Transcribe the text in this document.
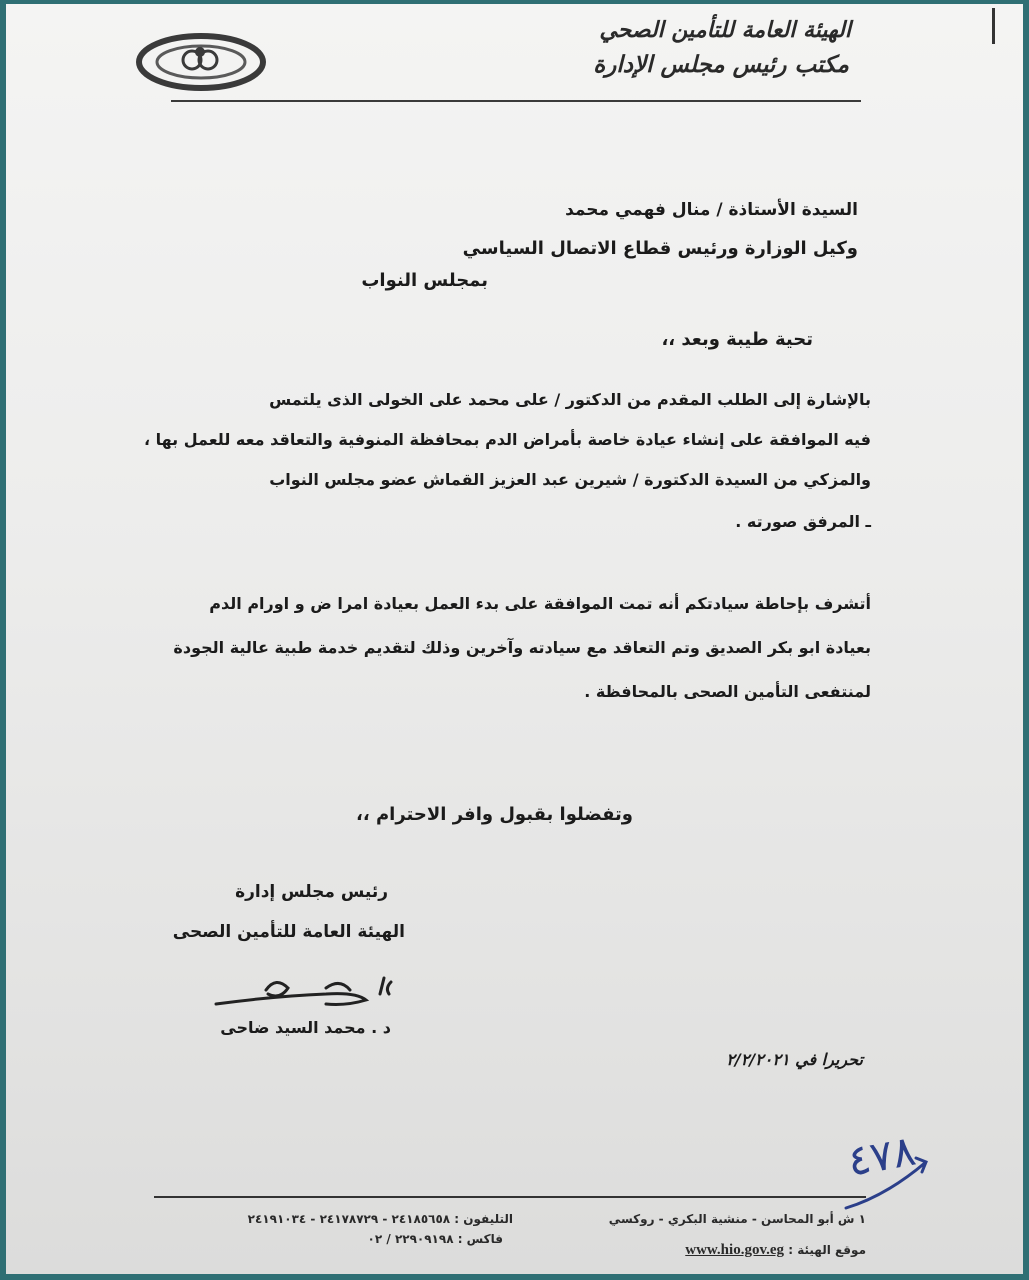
الهيئة العامة للتأمين الصحي
مكتب رئيس مجلس الإدارة
السيدة الأستاذة / منال فهمي محمد
وكيل الوزارة ورئيس قطاع الاتصال السياسي
بمجلس النواب
تحية طيبة وبعد ،،
بالإشارة إلى الطلب المقدم من الدكتور / على محمد على الخولى الذى يلتمس
فيه الموافقة على إنشاء عيادة خاصة بأمراض الدم بمحافظة المنوفية والتعاقد معه للعمل بها ،
والمزكي من السيدة الدكتورة / شيرين عبد العزيز القماش عضو مجلس النواب
ـ المرفق صورته .
أتشرف بإحاطة سيادتكم أنه تمت الموافقة على بدء العمل بعيادة امرا ض و اورام الدم
بعيادة ابو بكر الصديق وتم التعاقد مع سيادته وآخرين وذلك لتقديم خدمة طبية عالية الجودة
لمنتفعى التأمين الصحى بالمحافظة .
وتفضلوا بقبول وافر الاحترام ،،
رئيس مجلس إدارة
الهيئة العامة للتأمين الصحى
د . محمد السيد ضاحى
تحريرا في ٢/٢/٢٠٢١
٤٧٨
١ ش أبو المحاسن - منشية البكري - روكسي
موقع الهيئة : www.hio.gov.eg
التليفون : ٢٤١٨٥٦٥٨ - ٢٤١٧٨٧٢٩ - ٢٤١٩١٠٣٤
فاكس : ٢٢٩٠٩١٩٨ / ٠٢
